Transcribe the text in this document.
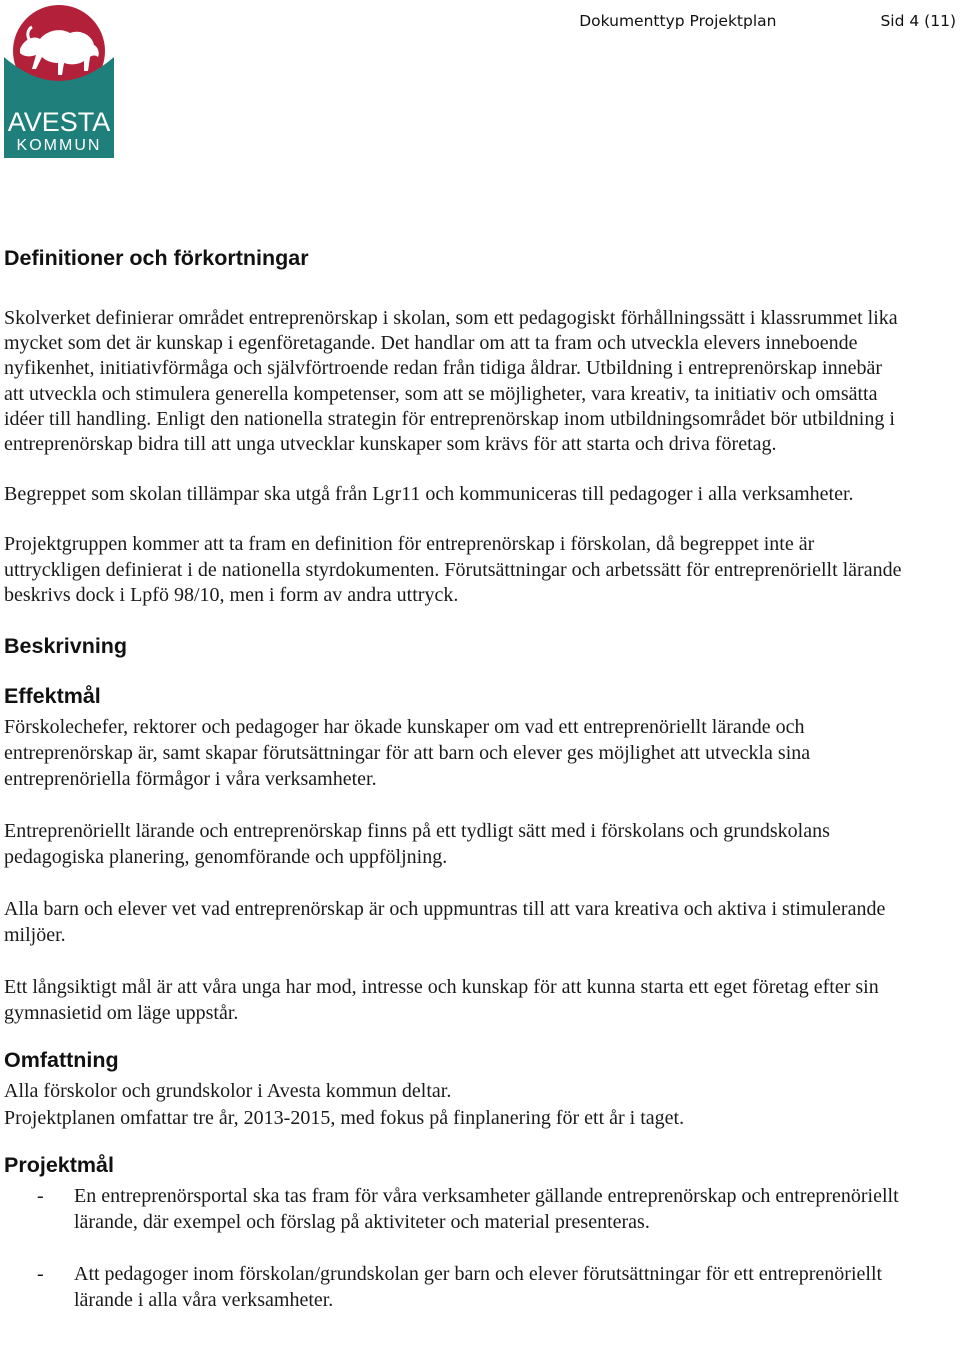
AVESTA
KOMMUN
Dokumenttyp Projektplan	Sid 4 (11)
Definitioner och förkortningar

Skolverket definierar området entreprenörskap i skolan, som ett pedagogiskt förhållningssätt i klassrummet lika mycket som det är kunskap i egenföretagande. Det handlar om att ta fram och utveckla elevers inneboende nyfikenhet, initiativförmåga och självförtroende redan från tidiga åldrar. Utbildning i entreprenörskap innebär att utveckla och stimulera generella kompetenser, som att se möjligheter, vara kreativ, ta initiativ och omsätta idéer till handling. Enligt den nationella strategin för entreprenörskap inom utbildningsområdet bör utbildning i entreprenörskap bidra till att unga utvecklar kunskaper som krävs för att starta och driva företag.

Begreppet som skolan tillämpar ska utgå från Lgr11 och kommuniceras till pedagoger i alla verksamheter.

Projektgruppen kommer att ta fram en definition för entreprenörskap i förskolan, då begreppet inte är uttryckligen definierat i de nationella styrdokumenten. Förutsättningar och arbetssätt för entreprenöriellt lärande beskrivs dock i Lpfö 98/10, men i form av andra uttryck.

Beskrivning
Effektmål

Förskolechefer, rektorer och pedagoger har ökade kunskaper om vad ett entreprenöriellt lärande och entreprenörskap är, samt skapar förutsättningar för att barn och elever ges möjlighet att utveckla sina entreprenöriella förmågor i våra verksamheter.

Entreprenöriellt lärande och entreprenörskap finns på ett tydligt sätt med i förskolans och grundskolans pedagogiska planering, genomförande och uppföljning.

Alla barn och elever vet vad entreprenörskap är och uppmuntras till att vara kreativa och aktiva i stimulerande miljöer.

Ett långsiktigt mål är att våra unga har mod, intresse och kunskap för att kunna starta ett eget företag efter sin gymnasietid om läge uppstår.

Omfattning

Alla förskolor och grundskolor i Avesta kommun deltar.

Projektplanen omfattar tre år, 2013-2015, med fokus på finplanering för ett år i taget.

Projektmål
- En entreprenörsportal ska tas fram för våra verksamheter gällande entreprenörskap och entreprenöriellt lärande, där exempel och förslag på aktiviteter och material presenteras.
- Att pedagoger inom förskolan/grundskolan ger barn och elever förutsättningar för ett entreprenöriellt lärande i alla våra verksamheter.
